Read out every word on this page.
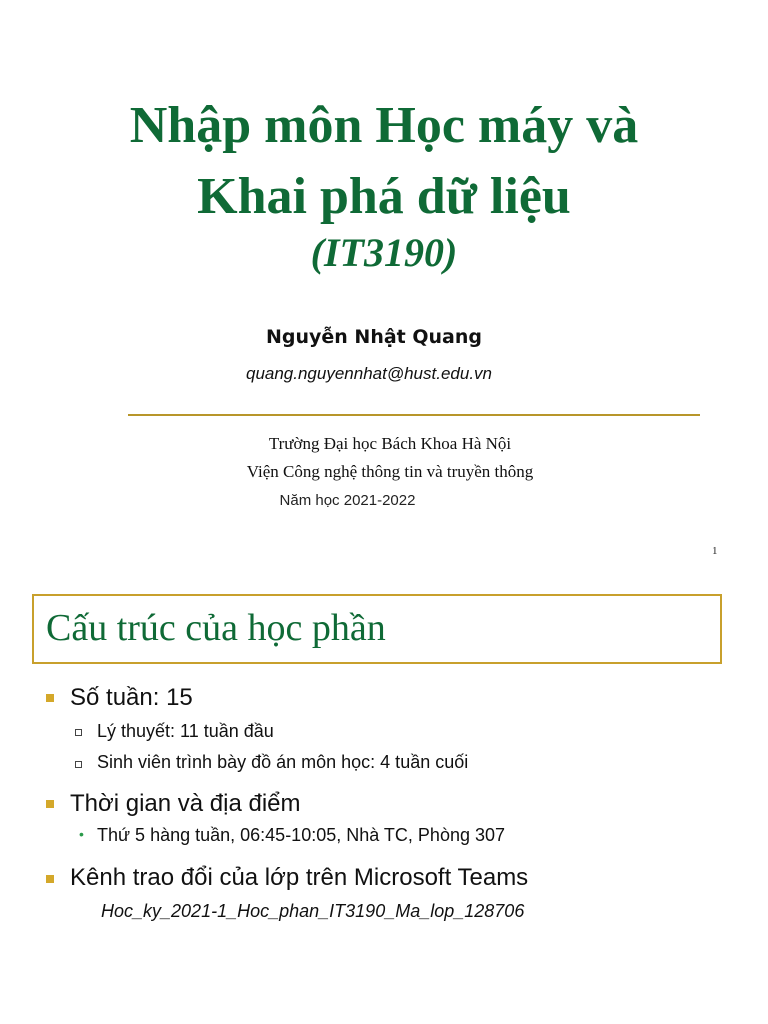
Nhập môn Học máy và
Khai phá dữ liệu
(IT3190)
Nguyễn Nhật Quang
quang.nguyennhat@hust.edu.vn
Trường Đại học Bách Khoa Hà Nội
Viện Công nghệ thông tin và truyền thông
Năm học 2021-2022
1
Cấu trúc của học phần
Số tuần: 15
Lý thuyết: 11 tuần đầu
Sinh viên trình bày đồ án môn học: 4 tuần cuối
Thời gian và địa điểm
• Thứ 5 hàng tuần, 06:45-10:05, Nhà TC, Phòng 307
Kênh trao đổi của lớp trên Microsoft Teams
Hoc_ky_2021-1_Hoc_phan_IT3190_Ma_lop_128706
